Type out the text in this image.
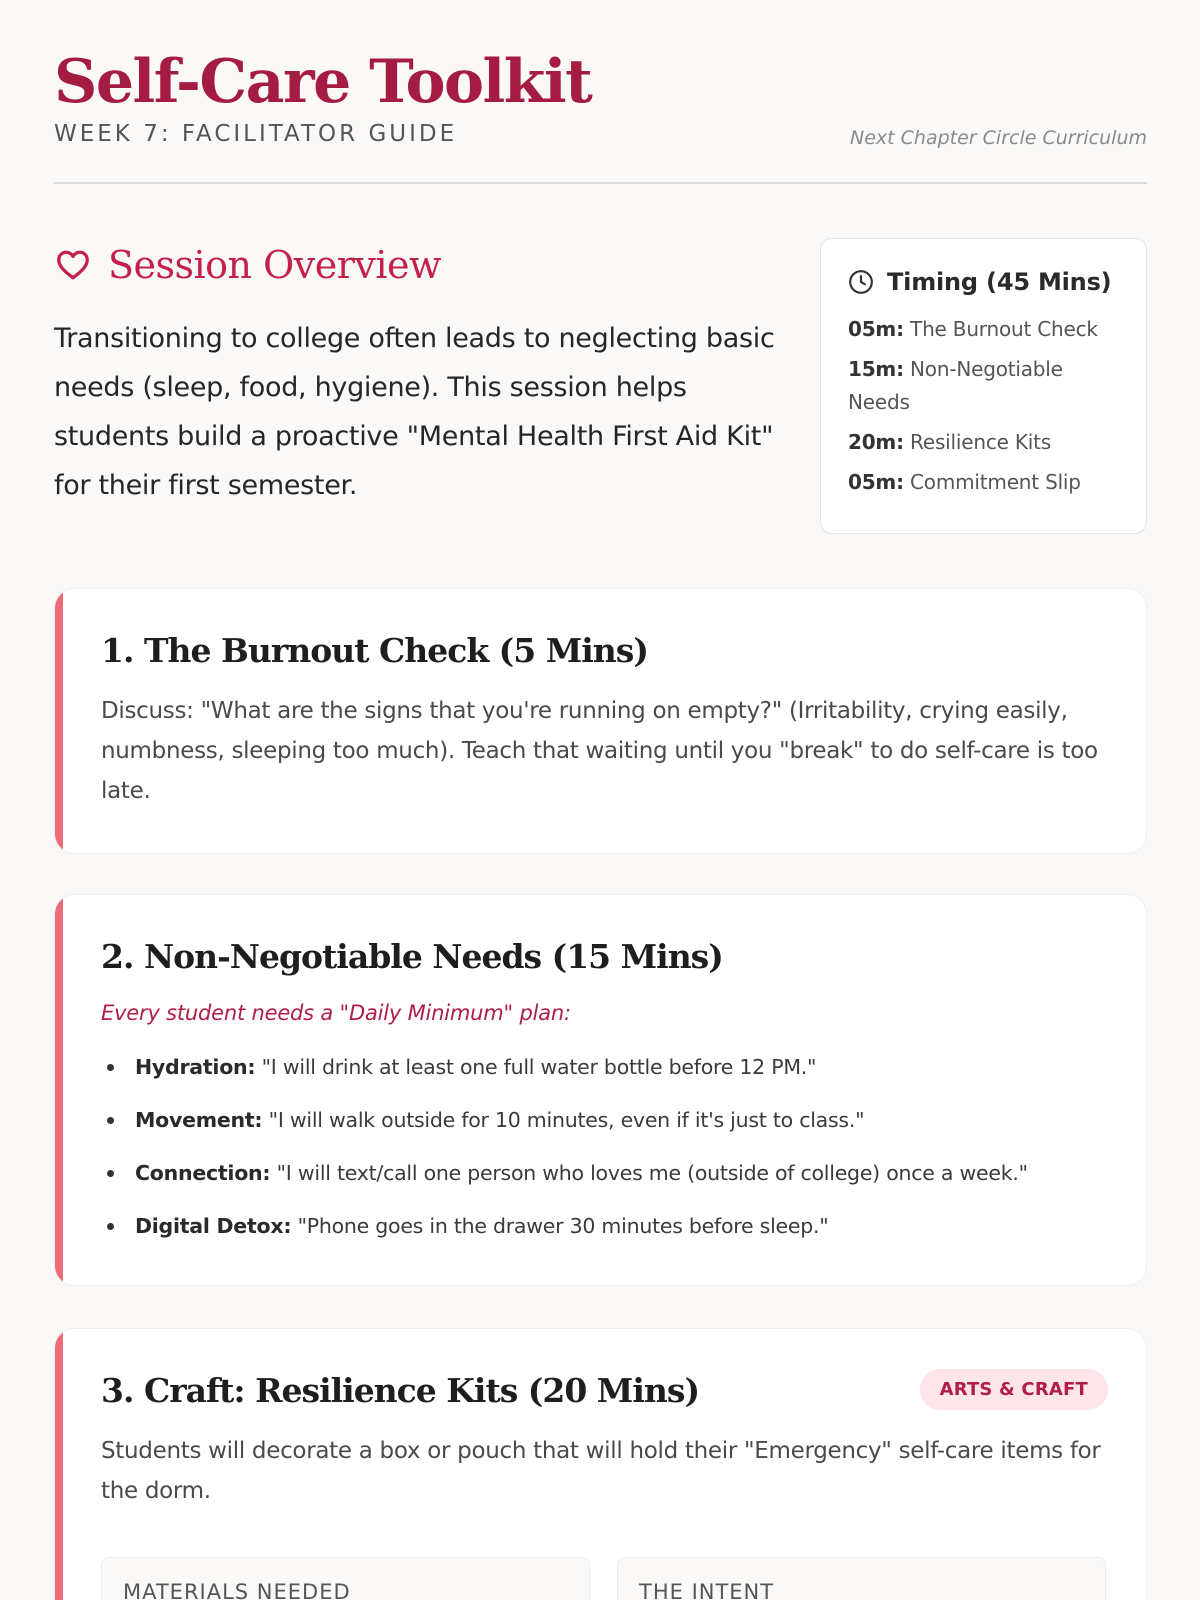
Self-Care Toolkit
WEEK 7: FACILITATOR GUIDE	Next Chapter Circle Curriculum
Session Overview

Transitioning to college often leads to neglecting basic needs (sleep, food, hygiene). This session helps students build a proactive "Mental Health First Aid Kit" for their first semester.

Timing (45 Mins)
05m: The Burnout Check
15m: Non-Negotiable Needs
20m: Resilience Kits
05m: Commitment Slip
1. The Burnout Check (5 Mins)

Discuss: "What are the signs that you're running on empty?" (Irritability, crying easily, numbness, sleeping too much). Teach that waiting until you "break" to do self-care is too late.

2. Non-Negotiable Needs (15 Mins)

Every student needs a "Daily Minimum" plan:

Hydration: "I will drink at least one full water bottle before 12 PM."
Movement: "I will walk outside for 10 minutes, even if it's just to class."
Connection: "I will text/call one person who loves me (outside of college) once a week."
Digital Detox: "Phone goes in the drawer 30 minutes before sleep."
3. Craft: Resilience Kits (20 Mins)	ARTS & CRAFT

Students will decorate a box or pouch that will hold their "Emergency" self-care items for the dorm.

MATERIALS NEEDED	THE INTENT
